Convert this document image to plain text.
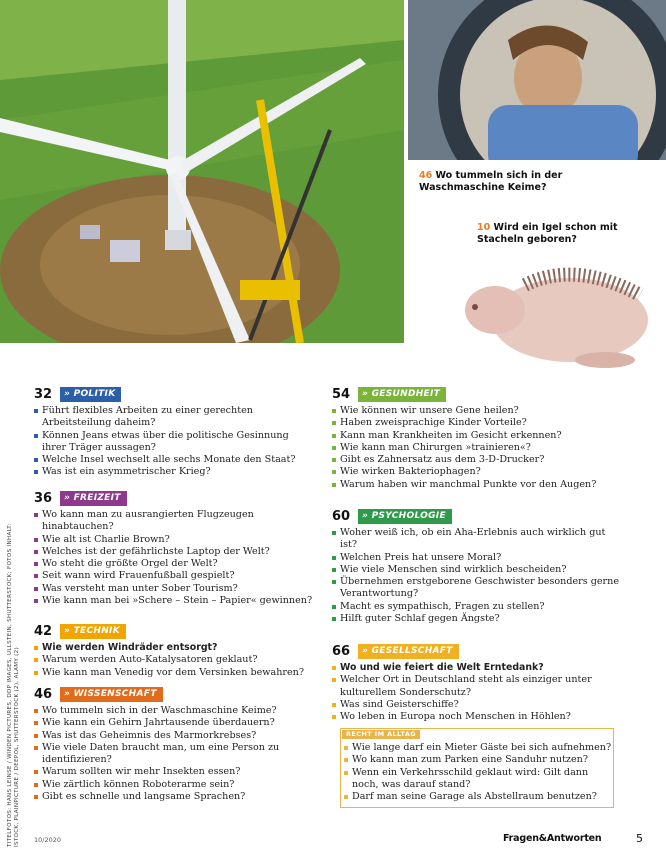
46 Wo tummeln sich in der Waschmaschine Keime?
10 Wird ein Igel schon mit Stacheln geboren?
TITELFOTOS: HANS LEINSE / WINDEN PICTURES, DDP IMAGES, ULLSTEIN, SHUTTERSTOCK; FOTOS INHALT: ISTOCK, PLAINPICTURE / DEEPOL, SHUTTERSTOCK (2), ALAMY (2)
32	» POLITIK
Führt flexibles Arbeiten zu einer gerechten Arbeitsteilung daheim?
Können Jeans etwas über die politische Gesinnung ihrer Träger aussagen?
Welche Insel wechselt alle sechs Monate den Staat?
Was ist ein asymmetrischer Krieg?
36	» FREIZEIT
Wo kann man zu ausrangierten Flugzeugen hinabtauchen?
Wie alt ist Charlie Brown?
Welches ist der gefährlichste Laptop der Welt?
Wo steht die größte Orgel der Welt?
Seit wann wird Frauenfußball gespielt?
Was versteht man unter Sober Tourism?
Wie kann man bei »Schere – Stein – Papier« gewinnen?
42	» TECHNIK
Wie werden Windräder entsorgt?
Warum werden Auto-Katalysatoren geklaut?
Wie kann man Venedig vor dem Versinken bewahren?
46	» WISSENSCHAFT
Wo tummeln sich in der Waschmaschine Keime?
Wie kann ein Gehirn Jahrtausende überdauern?
Was ist das Geheimnis des Marmorkrebses?
Wie viele Daten braucht man, um eine Person zu identifizieren?
Warum sollten wir mehr Insekten essen?
Wie zärtlich können Roboterarme sein?
Gibt es schnelle und langsame Sprachen?
54	» GESUNDHEIT
Wie können wir unsere Gene heilen?
Haben zweisprachige Kinder Vorteile?
Kann man Krankheiten im Gesicht erkennen?
Wie kann man Chirurgen »trainieren«?
Gibt es Zahnersatz aus dem 3-D-Drucker?
Wie wirken Bakteriophagen?
Warum haben wir manchmal Punkte vor den Augen?
60	» PSYCHOLOGIE
Woher weiß ich, ob ein Aha-Erlebnis auch wirklich gut ist?
Welchen Preis hat unsere Moral?
Wie viele Menschen sind wirklich bescheiden?
Übernehmen erstgeborene Geschwister besonders gerne Verantwortung?
Macht es sympathisch, Fragen zu stellen?
Hilft guter Schlaf gegen Ängste?
66	» GESELLSCHAFT
Wo und wie feiert die Welt Erntedank?
Welcher Ort in Deutschland steht als einziger unter kulturellem Sonderschutz?
Was sind Geisterschiffe?
Wo leben in Europa noch Menschen in Höhlen?
RECHT IM ALLTAG
Wie lange darf ein Mieter Gäste bei sich aufnehmen?
Wo kann man zum Parken eine Sanduhr nutzen?
Wenn ein Verkehrsschild geklaut wird: Gilt dann noch, was darauf stand?
Darf man seine Garage als Abstellraum benutzen?
10/2020	Fragen&Antworten	5
